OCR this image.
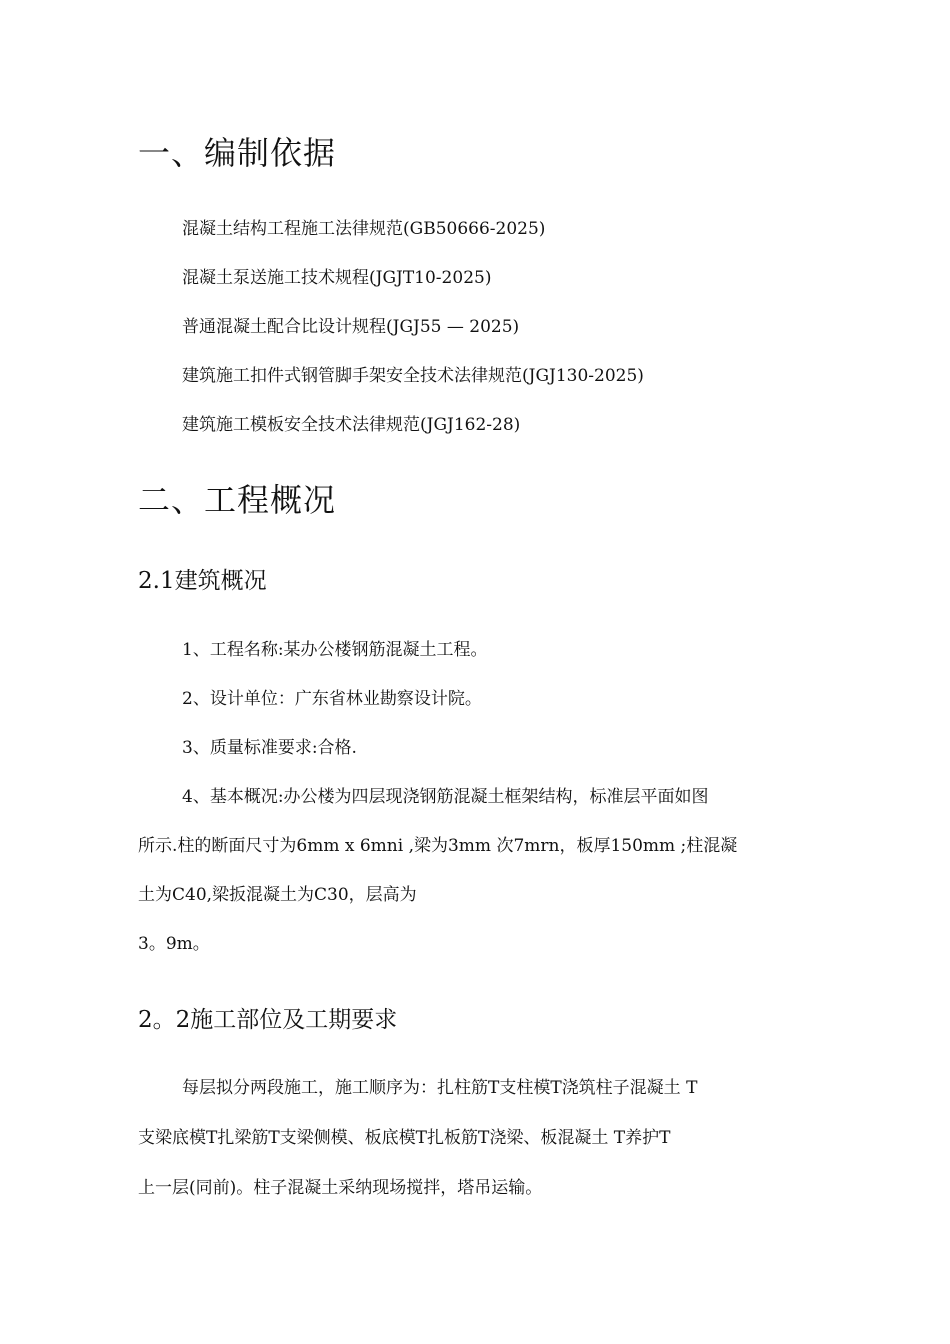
一、编制依据
混凝土结构工程施工法律规范(GB50666-2025)
混凝土泵送施工技术规程(JGJT10-2025)
普通混凝土配合比设计规程(JGJ55 — 2025)
建筑施工扣件式钢管脚手架安全技术法律规范(JGJ130-2025)
建筑施工模板安全技术法律规范(JGJ162-28)
二、工程概况
2.1建筑概况
1、工程名称:某办公楼钢筋混凝土工程。
2、设计单位：广东省林业勘察设计院。
3、质量标准要求:合格.
4、基本概况:办公楼为四层现浇钢筋混凝土框架结构，标准层平面如图
所示.柱的断面尺寸为6mm x 6mni ,梁为3mm 次7mrn，板厚150mm ;柱混凝
土为C40,梁扳混凝土为C30，层高为
3。9m。
2。2施工部位及工期要求
每层拟分两段施工，施工顺序为：扎柱筋T支柱模T浇筑柱子混凝土 T
支梁底模T扎梁筋T支梁侧模、板底模T扎板筋T浇梁、板混凝土 T养护T
上一层(同前)。柱子混凝土采纳现场搅拌，塔吊运输。
